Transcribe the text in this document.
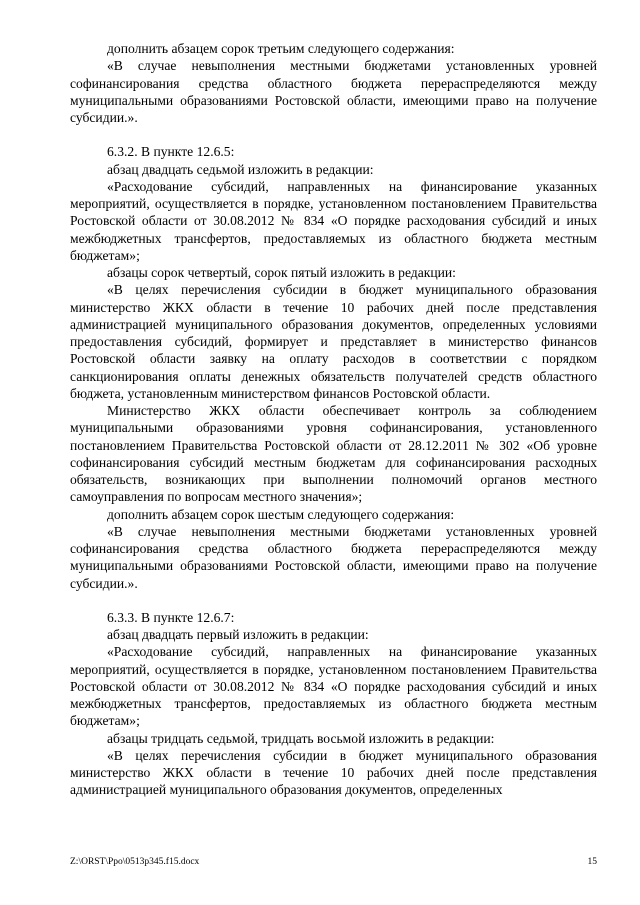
дополнить абзацем сорок третьим следующего содержания:

«В случае невыполнения местными бюджетами установленных уровней софинансирования средства областного бюджета перераспределяются между муниципальными образованиями Ростовской области, имеющими право на получение субсидии.».

6.3.2. В пункте 12.6.5:

абзац двадцать седьмой изложить в редакции:

«Расходование субсидий, направленных на финансирование указанных мероприятий, осуществляется в порядке, установленном постановлением Правительства Ростовской области от 30.08.2012 № 834 «О порядке расходования субсидий и иных межбюджетных трансфертов, предоставляемых из областного бюджета местным бюджетам»;

абзацы сорок четвертый, сорок пятый изложить в редакции:

«В целях перечисления субсидии в бюджет муниципального образования министерство ЖКХ области в течение 10 рабочих дней после представления администрацией муниципального образования документов, определенных условиями предоставления субсидий, формирует и представляет в министерство финансов Ростовской области заявку на оплату расходов в соответствии с порядком санкционирования оплаты денежных обязательств получателей средств областного бюджета, установленным министерством финансов Ростовской области.

Министерство ЖКХ области обеспечивает контроль за соблюдением муниципальными образованиями уровня софинансирования, установленного постановлением Правительства Ростовской области от 28.12.2011 № 302 «Об уровне софинансирования субсидий местным бюджетам для софинансирования расходных обязательств, возникающих при выполнении полномочий органов местного самоуправления по вопросам местного значения»;

дополнить абзацем сорок шестым следующего содержания:

«В случае невыполнения местными бюджетами установленных уровней софинансирования средства областного бюджета перераспределяются между муниципальными образованиями Ростовской области, имеющими право на получение субсидии.».

6.3.3. В пункте 12.6.7:

абзац двадцать первый изложить в редакции:

«Расходование субсидий, направленных на финансирование указанных мероприятий, осуществляется в порядке, установленном постановлением Правительства Ростовской области от 30.08.2012 № 834 «О порядке расходования субсидий и иных межбюджетных трансфертов, предоставляемых из областного бюджета местным бюджетам»;

абзацы тридцать седьмой, тридцать восьмой изложить в редакции:

«В целях перечисления субсидии в бюджет муниципального образования министерство ЖКХ области в течение 10 рабочих дней после представления администрацией муниципального образования документов, определенных

Z:\ORST\Ppo\0513p345.f15.docx	15
